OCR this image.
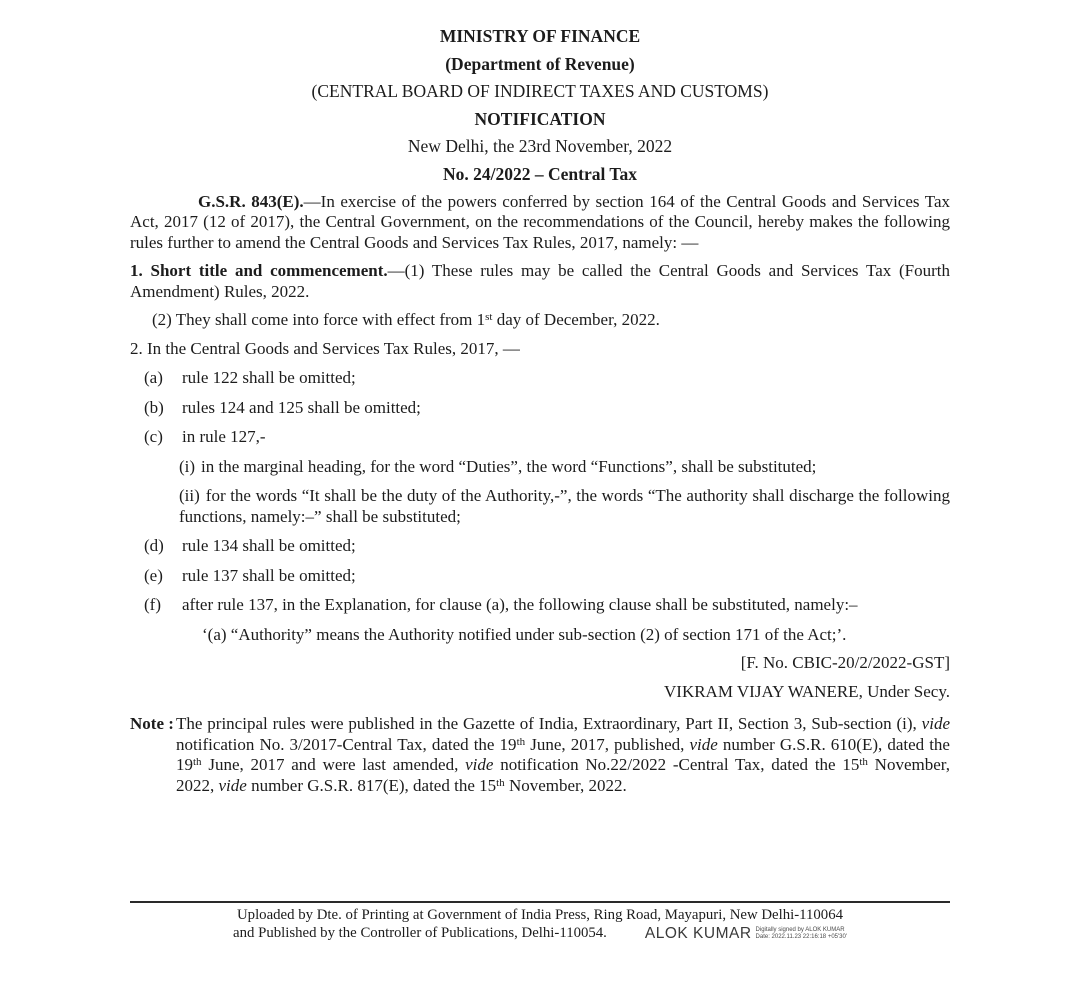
MINISTRY OF FINANCE
(Department of Revenue)
(CENTRAL BOARD OF INDIRECT TAXES AND CUSTOMS)
NOTIFICATION
New Delhi, the 23rd November, 2022
No. 24/2022 – Central Tax

G.S.R. 843(E).—In exercise of the powers conferred by section 164 of the Central Goods and Services Tax Act, 2017 (12 of 2017), the Central Government, on the recommendations of the Council, hereby makes the following rules further to amend the Central Goods and Services Tax Rules, 2017, namely: —

1. Short title and commencement.—(1) These rules may be called the Central Goods and Services Tax (Fourth Amendment) Rules, 2022.

(2) They shall come into force with effect from 1st day of December, 2022.

2. In the Central Goods and Services Tax Rules, 2017, —

(a)	rule 122 shall be omitted;
(b)	rules 124 and 125 shall be omitted;
(c)	in rule 127,-
(i) in the marginal heading, for the word “Duties”, the word “Functions”, shall be substituted;
(ii) for the words “It shall be the duty of the Authority,-”, the words “The authority shall discharge the following functions, namely:–” shall be substituted;
(d)	rule 134 shall be omitted;
(e)	rule 137 shall be omitted;
(f)	after rule 137, in the Explanation, for clause (a), the following clause shall be substituted, namely:–

‘(a) “Authority” means the Authority notified under sub-section (2) of section 171 of the Act;’.

[F. No. CBIC-20/2/2022-GST]

VIKRAM VIJAY WANERE, Under Secy.

Note : The principal rules were published in the Gazette of India, Extraordinary, Part II, Section 3, Sub-section (i), vide notification No. 3/2017-Central Tax, dated the 19th June, 2017, published, vide number G.S.R. 610(E), dated the 19th June, 2017 and were last amended, vide notification No.22/2022 -Central Tax, dated the 15th November, 2022, vide number G.S.R. 817(E), dated the 15th November, 2022.
Uploaded by Dte. of Printing at Government of India Press, Ring Road, Mayapuri, New Delhi-110064
and Published by the Controller of Publications, Delhi-110054. ALOK KUMAR Digitally signed by ALOK KUMAR
Date: 2022.11.23 22:16:18 +05'30'
